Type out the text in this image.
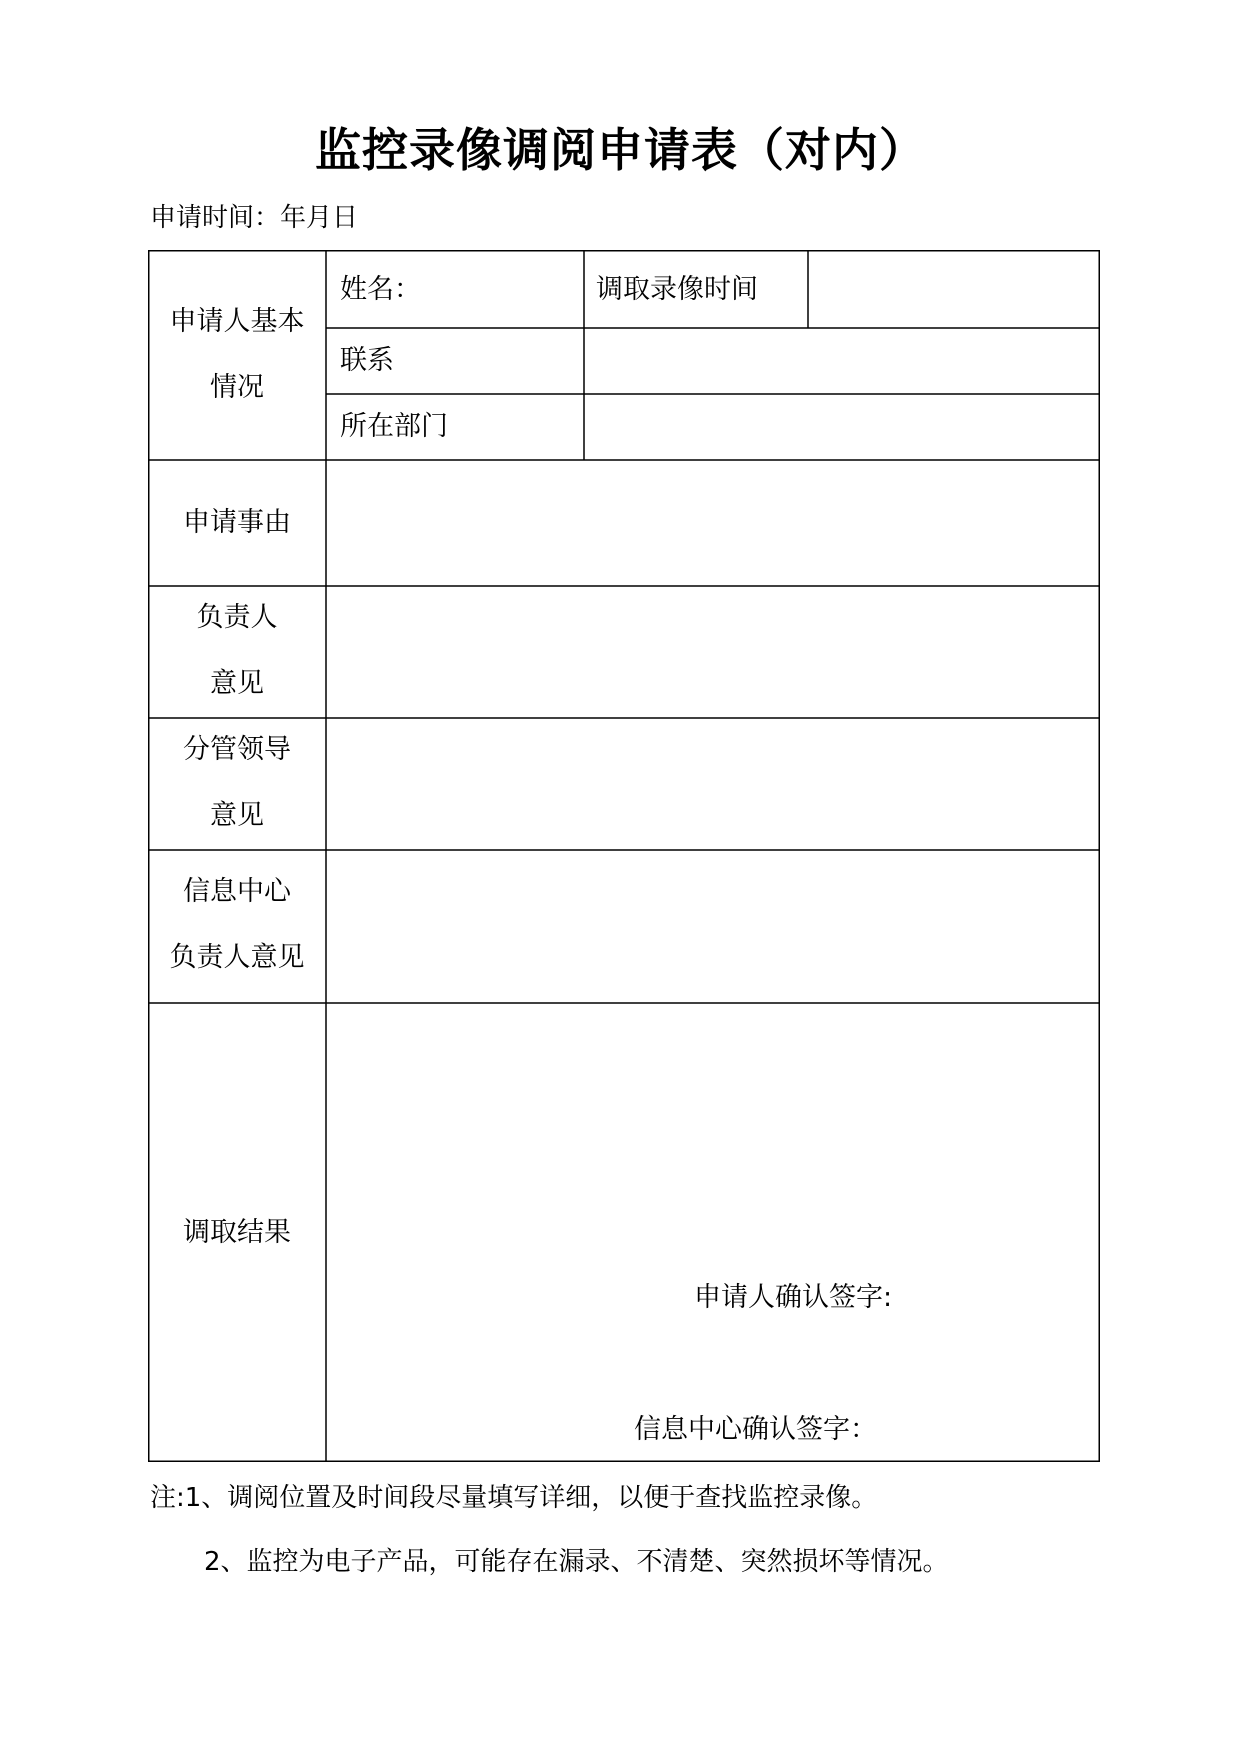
监控录像调阅申请表（对内）
申请时间：年月日
申请人基本
情况
姓名：	调取录像时间
联系
所在部门
申请事由
负责人
意见
分管领导
意见
信息中心
负责人意见
调取结果
申请人确认签字:
信息中心确认签字：
注:1、调阅位置及时间段尽量填写详细，以便于查找监控录像。
2、监控为电子产品，可能存在漏录、不清楚、突然损坏等情况。
